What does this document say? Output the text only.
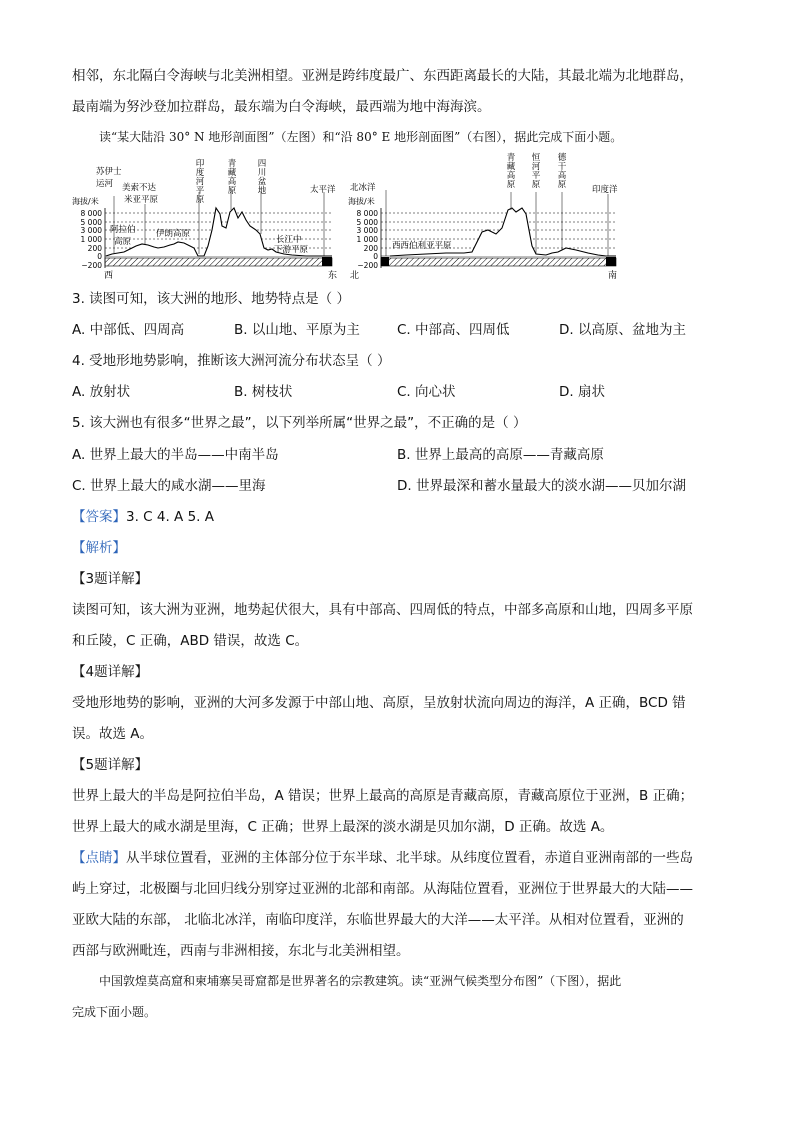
相邻，东北隔白令海峡与北美洲相望。亚洲是跨纬度最广、东西距离最长的大陆，其最北端为北地群岛，
最南端为努沙登加拉群岛，最东端为白令海峡，最西端为地中海海滨。
读“某大陆沿 30° N 地形剖面图”（左图）和“沿 80° E 地形剖面图”（右图），据此完成下面小题。
海拔/米
8 000
5 000
3 000
1 000
200
0
−200
苏伊士
运河 美索不达
米亚平原
阿拉伯
高原
伊朗高原
印
度
河
平
原
青
藏
高
原
四
川
盆
地	太平洋
长江中
下游平原
西	东
海拔/米
8 000
5 000
3 000
1 000
200
0
−200
北冰洋
西西伯利亚平原
青
藏
高
原
恒
河
平
原
德
干
高
原	印度洋
北	南
3. 读图可知，该大洲的地形、地势特点是（ ）
A. 中部低、四周高	B. 以山地、平原为主	C. 中部高、四周低	D. 以高原、盆地为主
4. 受地形地势影响，推断该大洲河流分布状态呈（ ）
A. 放射状	B. 树枝状	C. 向心状	D. 扇状
5. 该大洲也有很多“世界之最”，以下列举所属“世界之最”，不正确的是（ ）
A. 世界上最大的半岛——中南半岛	B. 世界上最高的高原——青藏高原
C. 世界上最大的咸水湖——里海	D. 世界最深和蓄水量最大的淡水湖——贝加尔湖
【答案】3. C 4. A 5. A
【解析】
【3题详解】
读图可知，该大洲为亚洲，地势起伏很大，具有中部高、四周低的特点，中部多高原和山地，四周多平原
和丘陵，C 正确，ABD 错误，故选 C。
【4题详解】
受地形地势的影响，亚洲的大河多发源于中部山地、高原，呈放射状流向周边的海洋，A 正确，BCD 错
误。故选 A。
【5题详解】
世界上最大的半岛是阿拉伯半岛，A 错误；世界上最高的高原是青藏高原，青藏高原位于亚洲，B 正确；
世界上最大的咸水湖是里海，C 正确；世界上最深的淡水湖是贝加尔湖，D 正确。故选 A。
【点睛】从半球位置看，亚洲的主体部分位于东半球、北半球。从纬度位置看，赤道自亚洲南部的一些岛
屿上穿过，北极圈与北回归线分别穿过亚洲的北部和南部。从海陆位置看，亚洲位于世界最大的大陆——
亚欧大陆的东部， 北临北冰洋，南临印度洋，东临世界最大的大洋——太平洋。从相对位置看，亚洲的
西部与欧洲毗连，西南与非洲相接，东北与北美洲相望。
中国敦煌莫高窟和柬埔寨吴哥窟都是世界著名的宗教建筑。读“亚洲气候类型分布图”（下图），据此
完成下面小题。
